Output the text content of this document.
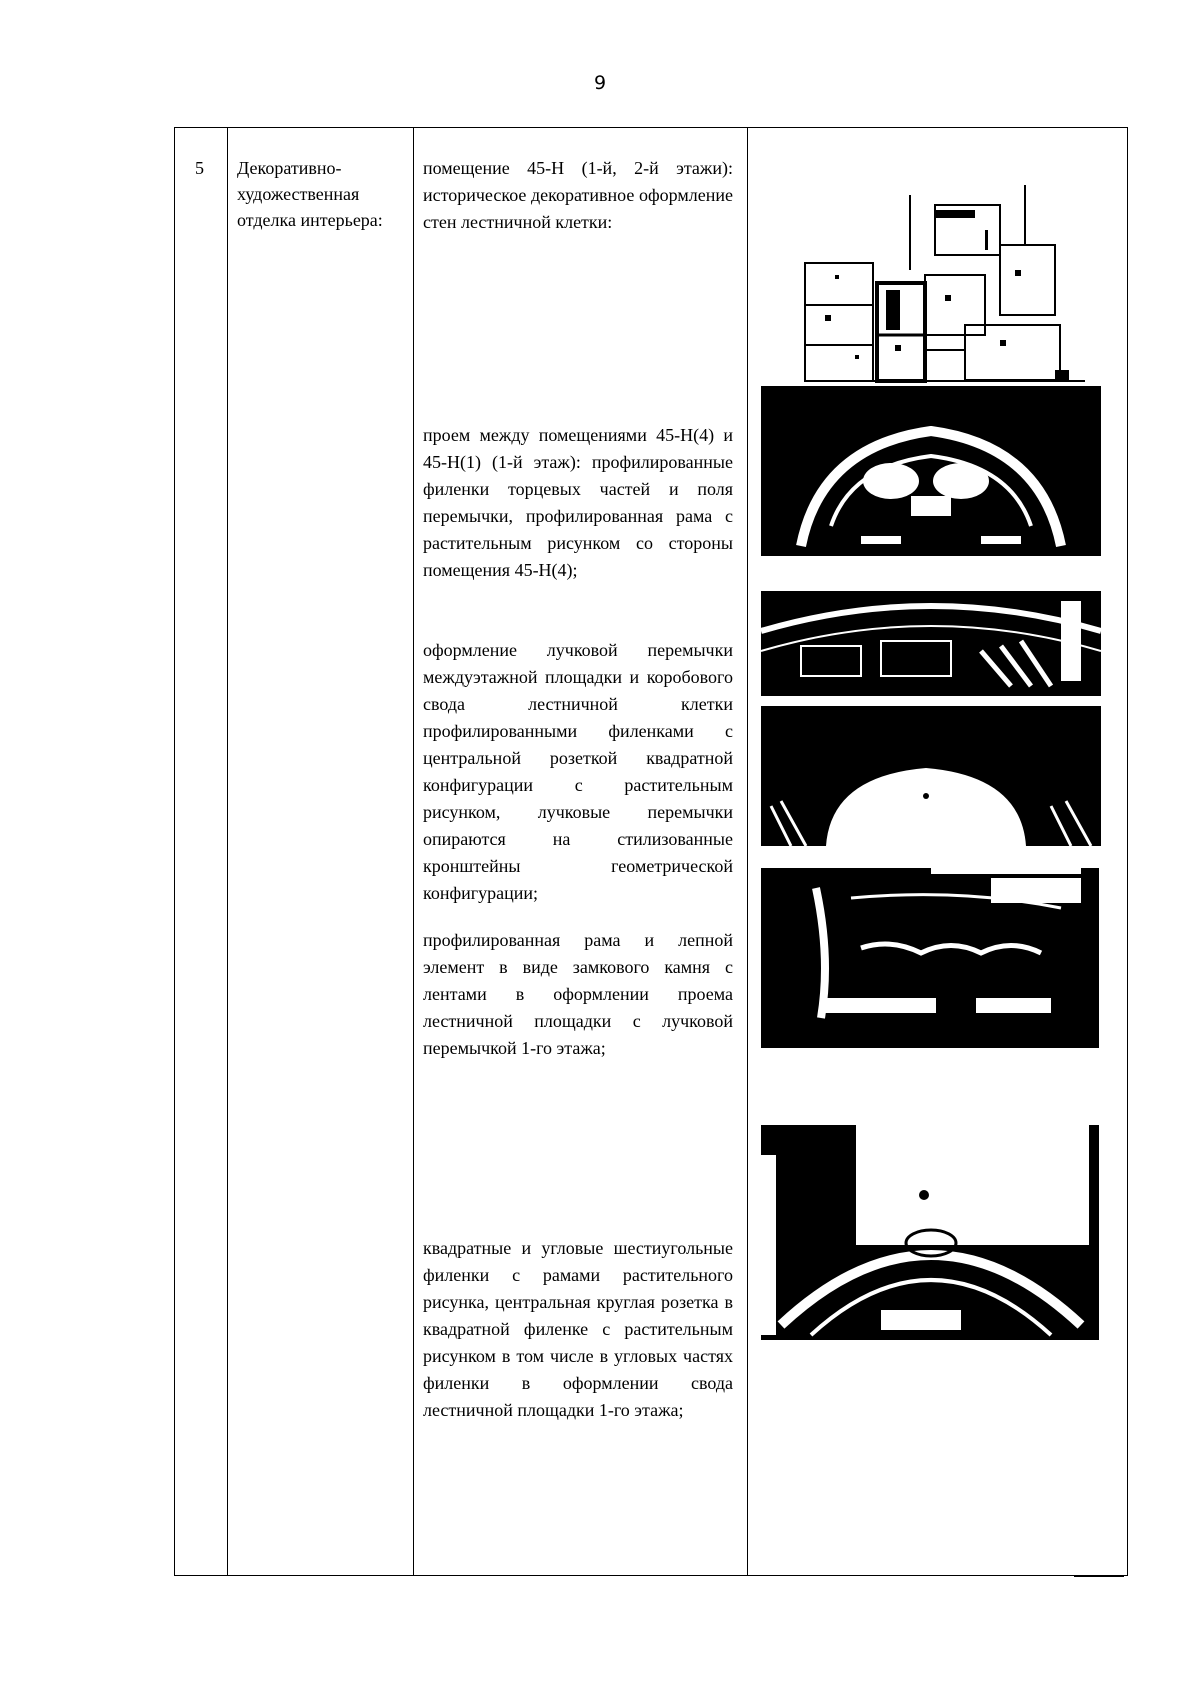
9
5 Декоративно-художественная отделка интерьера:
помещение 45-Н (1-й, 2-й этажи): историческое декоративное оформление стен лестничной клетки:
проем между помещениями 45-Н(4) и 45-Н(1) (1-й этаж): профилированные филенки торцевых частей и поля перемычки, профилированная рама с растительным рисунком со стороны помещения 45-Н(4);
оформление лучковой перемычки междуэтажной площадки и коробового свода лестничной клетки профилированными филенками с центральной розеткой квадратной конфигурации с растительным рисунком, лучковые перемычки опираются на стилизованные кронштейны геометрической конфигурации;
профилированная рама и лепной элемент в виде замкового камня с лентами в оформлении проема лестничной площадки с лучковой перемычкой 1-го этажа;
квадратные и угловые шестиугольные филенки с рамами растительного рисунка, центральная круглая розетка в квадратной филенке с растительным рисунком в том числе в угловых частях филенки в оформлении свода лестничной площадки 1-го этажа;
